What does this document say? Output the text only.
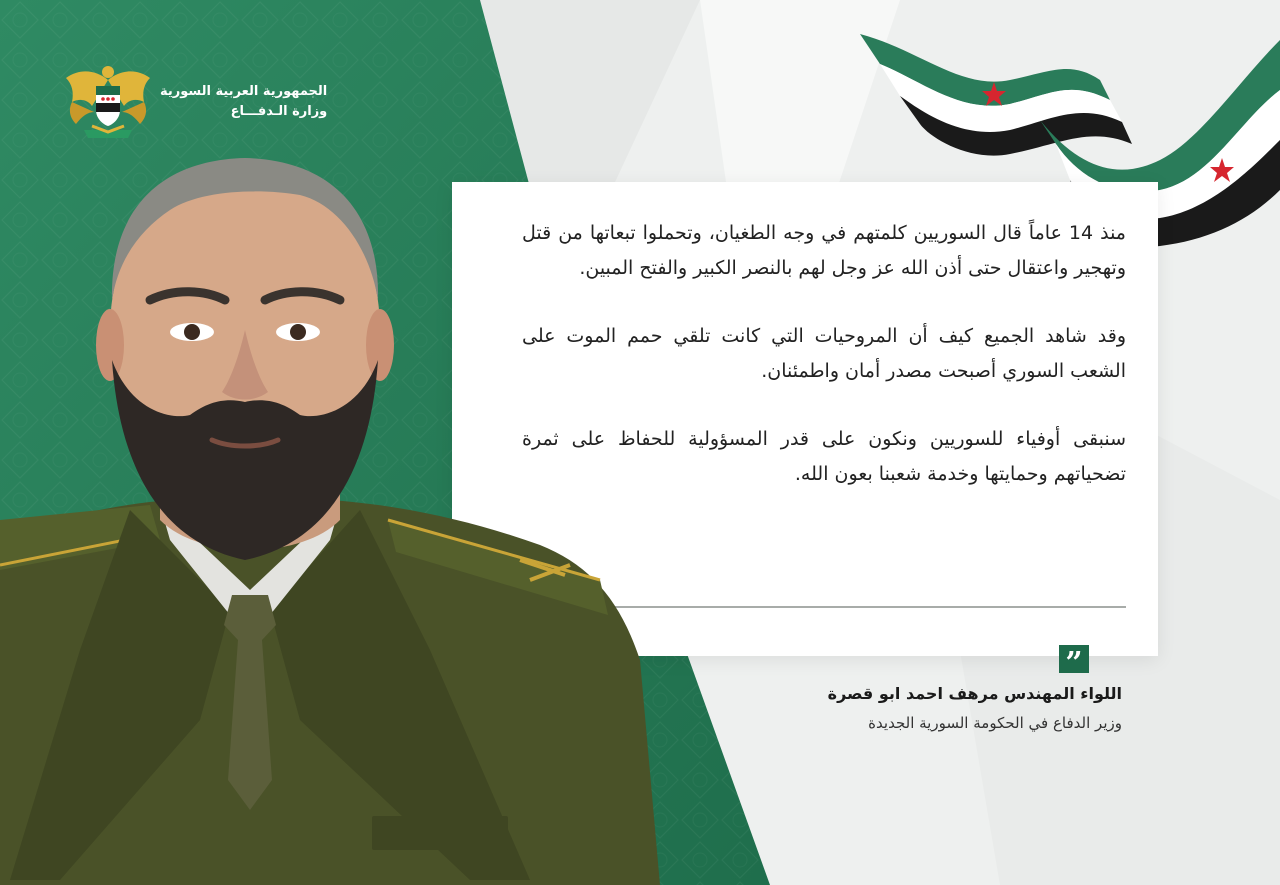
الجمهورية العربية السورية
وزارة الـدفـــاع

منذ 14 عاماً قال السوريين كلمتهم في وجه الطغيان، وتحملوا تبعاتها من قتل وتهجير واعتقال حتى أذن الله عز وجل لهم بالنصر الكبير والفتح المبين.

وقد شاهد الجميع كيف أن المروحيات التي كانت تلقي حمم الموت على الشعب السوري أصبحت مصدر أمان واطمئنان.

سنبقى أوفياء للسوريين ونكون على قدر المسؤولية للحفاظ على ثمرة تضحياتهم وحمايتها وخدمة شعبنا بعون الله.

”
اللواء المهندس مرهف احمد ابو قصرة
وزير الدفاع في الحكومة السورية الجديدة
